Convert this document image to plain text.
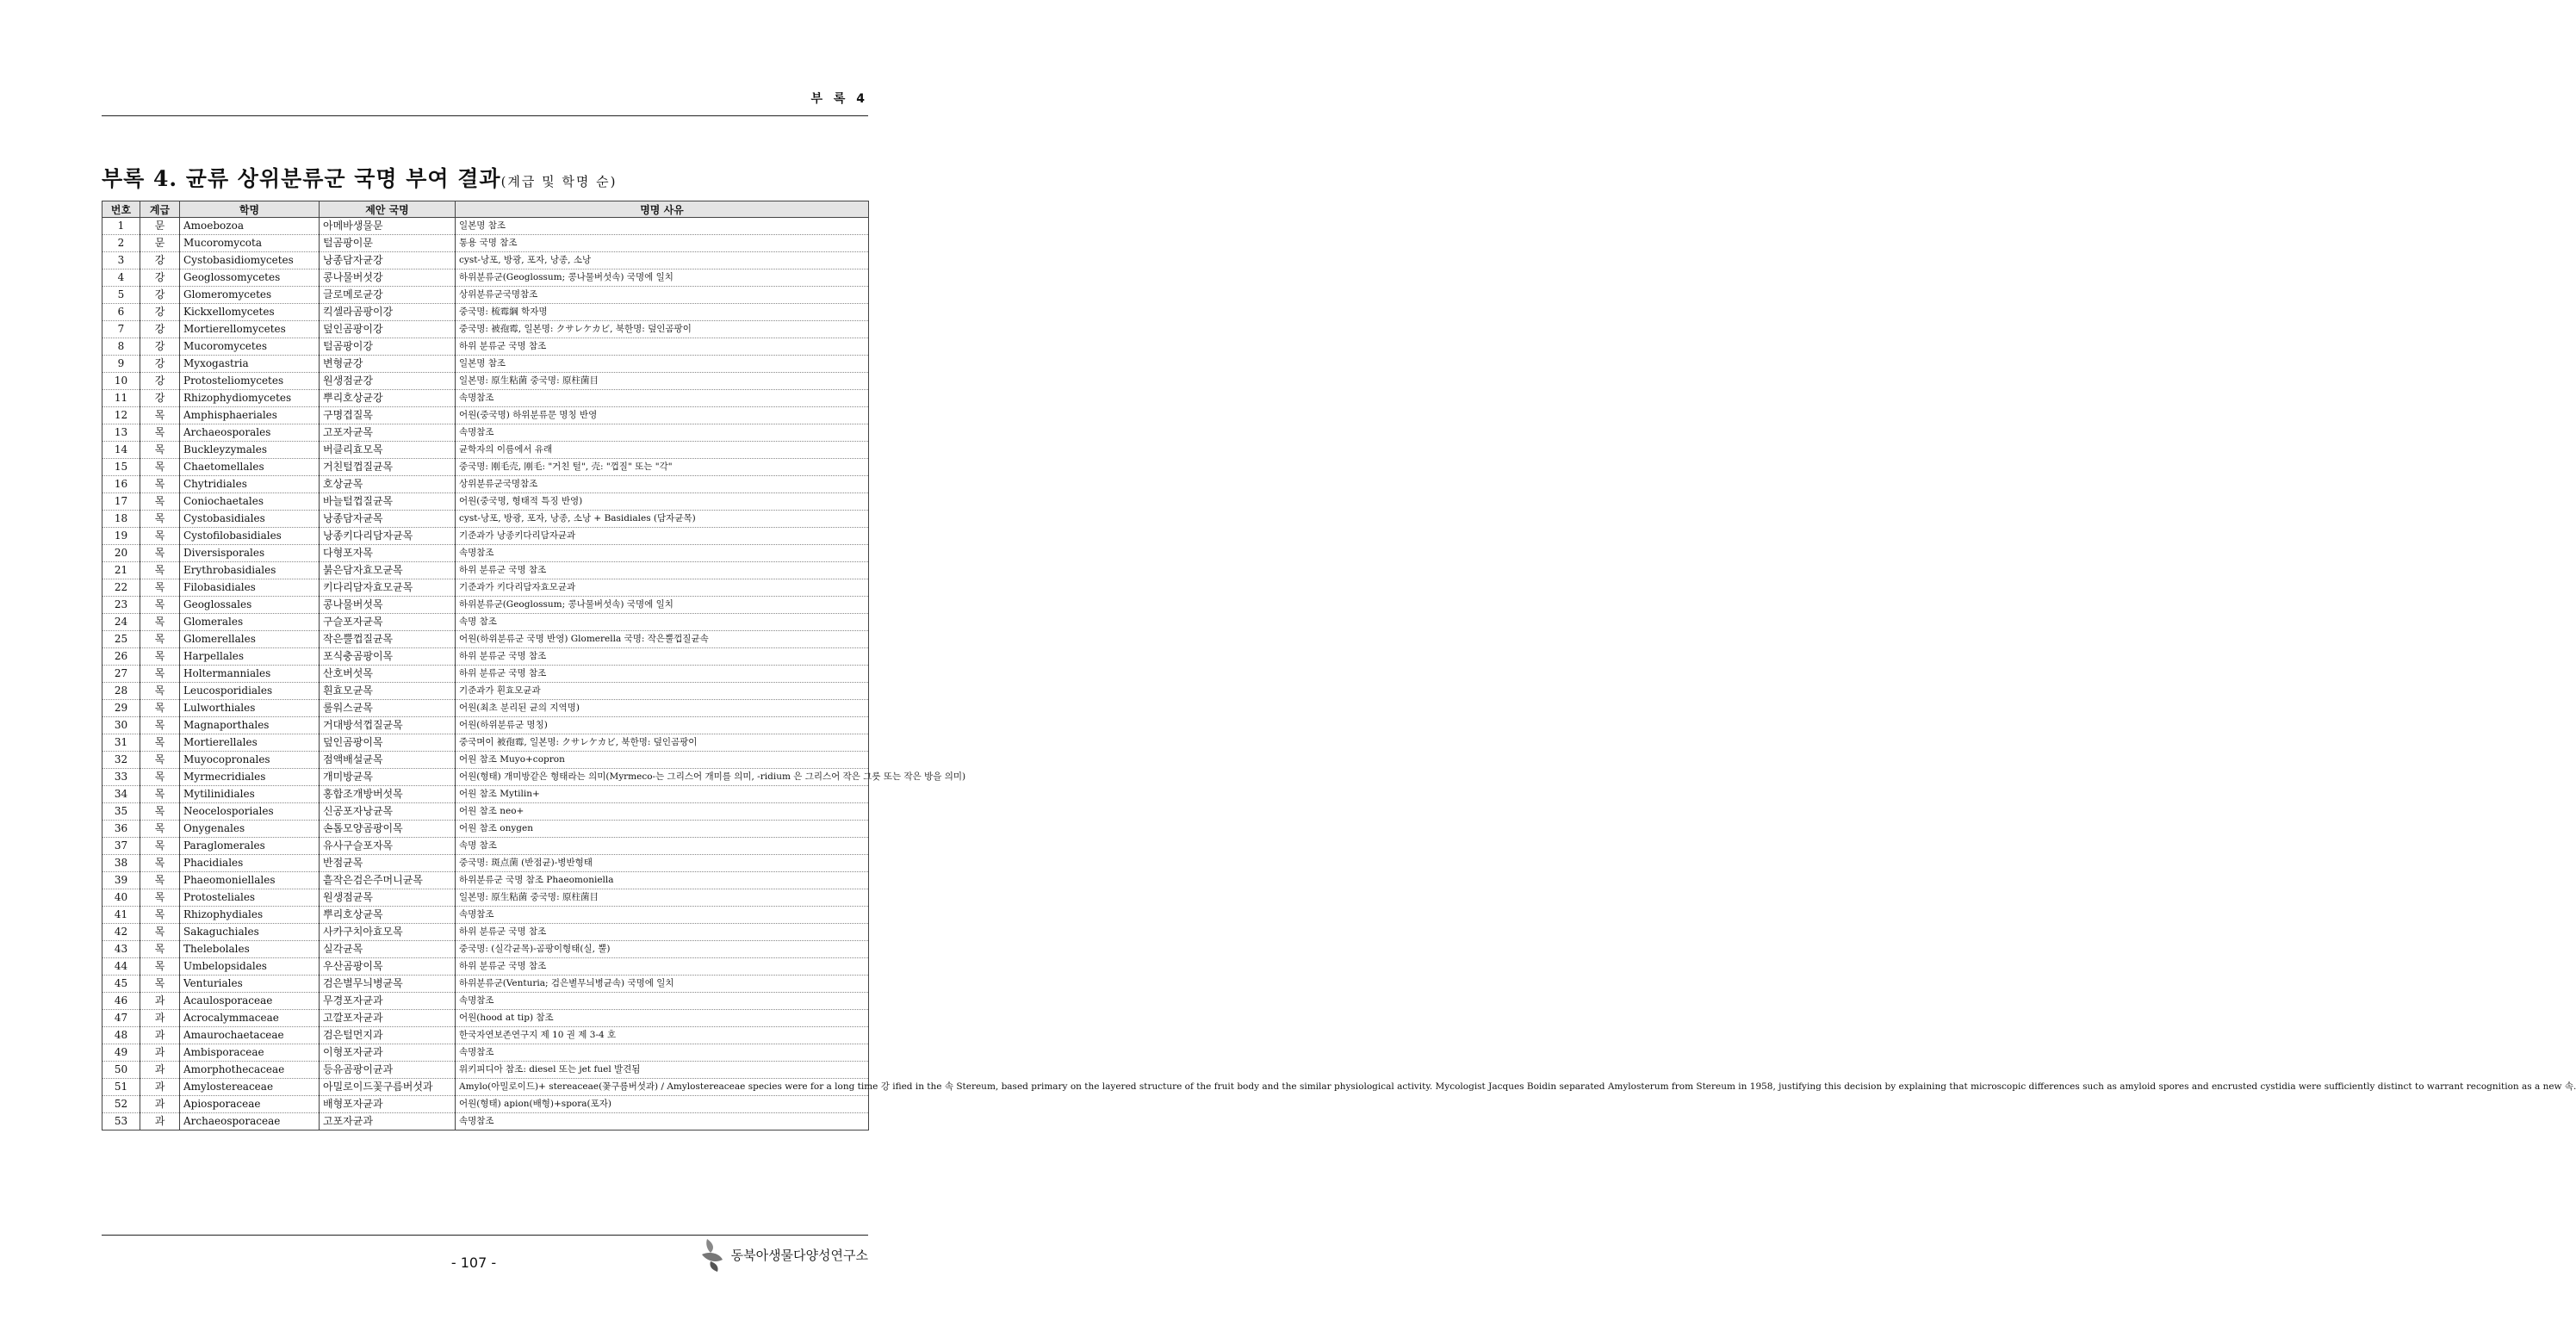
부 록 4
부록 4. 균류 상위분류군 국명 부여 결과(계급 및 학명 순)
번호	계급	학명	제안 국명	명명 사유
1	문	Amoebozoa	아메바생물문	일본명 참조
2	문	Mucoromycota	털곰팡이문	통용 국명 참조
3	강	Cystobasidiomycetes	낭종담자균강	cyst-낭포, 방광, 포자, 낭종, 소낭
4	강	Geoglossomycetes	콩나물버섯강	하위분류군(Geoglossum; 콩나물버섯속) 국명에 일치
5	강	Glomeromycetes	글로메로균강	상위분류군국명참조
6	강	Kickxellomycetes	킥셀라곰팡이강	중국명: 梳霉綱 학자명
7	강	Mortierellomycetes	덮인곰팡이강	중국명: 被孢霉, 일본명: クサレケカビ, 북한명: 덮인곰팡이
8	강	Mucoromycetes	털곰팡이강	하위 분류군 국명 참조
9	강	Myxogastria	변형균강	일본명 참조
10	강	Protosteliomycetes	원생점균강	일본명: 原生粘菌 중국명: 原柱菌目
11	강	Rhizophydiomycetes	뿌리호상균강	속명참조
12	목	Amphisphaeriales	구명겹질목	어원(중국명) 하위분류문 명칭 반영
13	목	Archaeosporales	고포자균목	속명참조
14	목	Buckleyzymales	버클리효모목	균학자의 이름에서 유래
15	목	Chaetomellales	거친털껍질균목	중국명: 刚毛壳, 刚毛: "거친 털", 壳: "껍질" 또는 "각"
16	목	Chytridiales	호상균목	상위분류군국명참조
17	목	Coniochaetales	바늘털껍질균목	어원(중국명, 형태적 특징 반영)
18	목	Cystobasidiales	낭종담자균목	cyst-낭포, 방광, 포자, 낭종, 소낭 + Basidiales (담자균목)
19	목	Cystofilobasidiales	낭종키다리담자균목	기준과가 낭종키다리담자균과
20	목	Diversisporales	다형포자목	속명참조
21	목	Erythrobasidiales	붉은담자효모균목	하위 분류군 국명 참조
22	목	Filobasidiales	키다리담자효모균목	기준과가 키다리담자효모균과
23	목	Geoglossales	콩나물버섯목	하위분류군(Geoglossum; 콩나물버섯속) 국명에 일치
24	목	Glomerales	구슬포자균목	속명 참조
25	목	Glomerellales	작은뿔껍질균목	어원(하위분류군 국명 반영) Glomerella 국명: 작은뿔껍질균속
26	목	Harpellales	포식충곰팡이목	하위 분류군 국명 참조
27	목	Holtermanniales	산호버섯목	하위 분류군 국명 참조
28	목	Leucosporidiales	흰효모균목	기준과가 흰효모균과
29	목	Lulworthiales	룰워스균목	어원(최초 분리된 균의 지역명)
30	목	Magnaporthales	거대방석껍질균목	어원(하위분류군 명칭)
31	목	Mortierellales	덮인곰팡이목	중국며이 被孢霉, 일본명: クサレケカビ, 북한명: 덮인곰팡이
32	목	Muyocopronales	점액배설균목	어원 참조 Muyo+copron
33	목	Myrmecridiales	개미방균목	어원(형태) 개미방같은 형태라는 의미(Myrmeco-는 그리스어 개미를 의미, -ridium 은 그리스어 작은 그릇 또는 작은 방을 의미)
34	목	Mytilinidiales	홍합조개방버섯목	어원 참조 Mytilin+
35	목	Neocelosporiales	신공포자낭균목	어원 참조 neo+
36	목	Onygenales	손톱모양곰팡이목	어원 참조 onygen
37	목	Paraglomerales	유사구슬포자목	속명 참조
38	목	Phacidiales	반점균목	중국명: 斑点菌 (반점균)-병반형태
39	목	Phaeomoniellales	흩작은검은주머니균목	하위분류군 국명 참조 Phaeomoniella
40	목	Protosteliales	원생점균목	일본명: 原生粘菌 중국명: 原柱菌目
41	목	Rhizophydiales	뿌리호상균목	속명참조
42	목	Sakaguchiales	사카구치아효모목	하위 분류군 국명 참조
43	목	Thelebolales	실각균목	중국명: (실각균목)-곰팡이형태(실, 뿔)
44	목	Umbelopsidales	우산곰팡이목	하위 분류군 국명 참조
45	목	Venturiales	검은별무늬병균목	하위분류군(Venturia; 검은별무늬병균속) 국명에 일치
46	과	Acaulosporaceae	무경포자균과	속명참조
47	과	Acrocalymmaceae	고깔포자균과	어원(hood at tip) 참조
48	과	Amaurochaetaceae	검은털먼지과	한국자연보존연구지 제 10 권 제 3-4 호
49	과	Ambisporaceae	이형포자균과	속명참조
50	과	Amorphothecaceae	등유곰팡이균과	위키피디아 참조: diesel 또는 jet fuel 발견됨
51	과	Amylostereaceae	아밀로이드꽃구름버섯과	Amylo(아밀로이드)+ stereaceae(꽃구름버섯과) / Amylostereaceae species were for a long time 강 ified in the 속 Stereum, based primary on the layered structure of the fruit body and the similar physiological activity. Mycologist Jacques Boidin separated Amylosterum from Stereum in 1958, justifying this decision by explaining that microscopic differences such as amyloid spores and encrusted cystidia were sufficiently distinct to warrant recognition as a new 속.
52	과	Apiosporaceae	배형포자균과	어원(형태) apion(배형)+spora(포자)
53	과	Archaeosporaceae	고포자균과	속명참조
- 107 -	동북아생물다양성연구소
